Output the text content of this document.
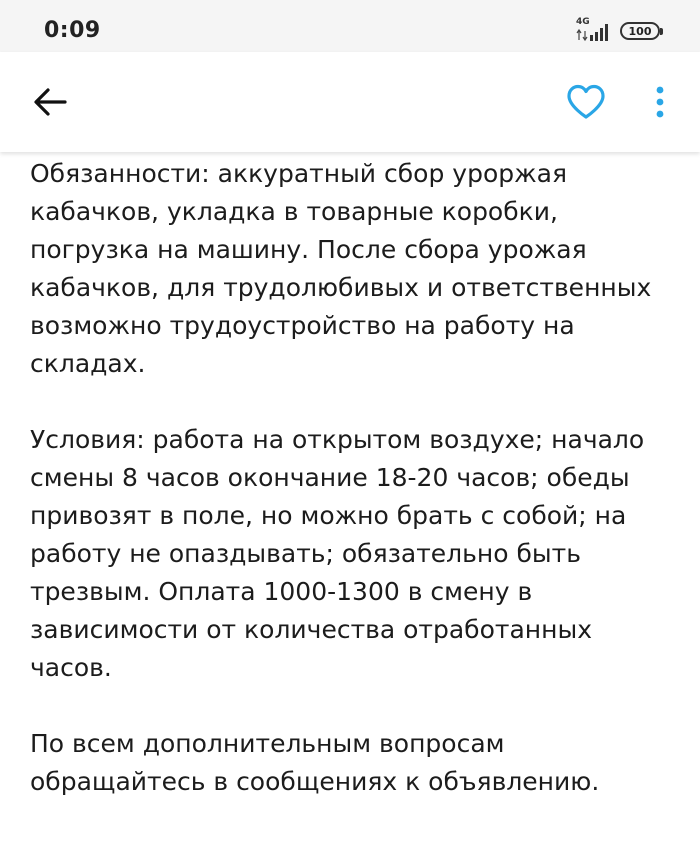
0:09	4G
100

Обязанности: аккуратный сбор уроржая кабачков, укладка в товарные коробки, погрузка на машину. После сбора урожая кабачков, для трудолюбивых и ответственных возможно трудоустройство на работу на складах.

Условия: работа на открытом воздухе; начало смены 8 часов окончание 18-20 часов; обеды привозят в поле, но можно брать с собой; на работу не опаздывать; обязательно быть трезвым. Оплата 1000-1300 в смену в зависимости от количества отработанных часов.

По всем дополнительным вопросам обращайтесь в сообщениях к объявлению.
